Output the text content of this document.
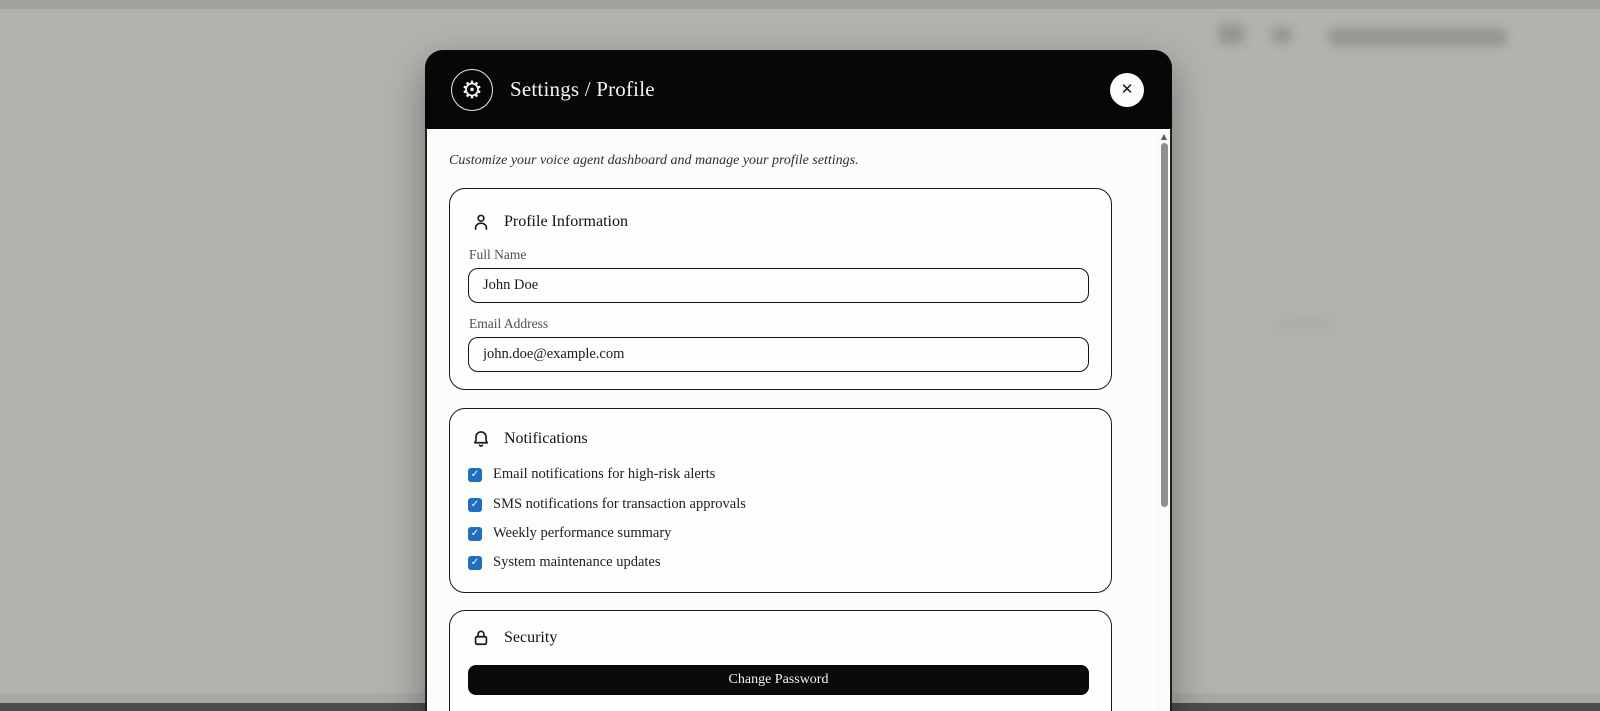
⚙ Settings / Profile	✕
Customize your voice agent dashboard and manage your profile settings.
Profile Information
Full Name
John Doe
Email Address
john.doe@example.com
Notifications
✓ Email notifications for high-risk alerts
✓ SMS notifications for transaction approvals
✓ Weekly performance summary
✓ System maintenance updates
Security
Change Password
▲
